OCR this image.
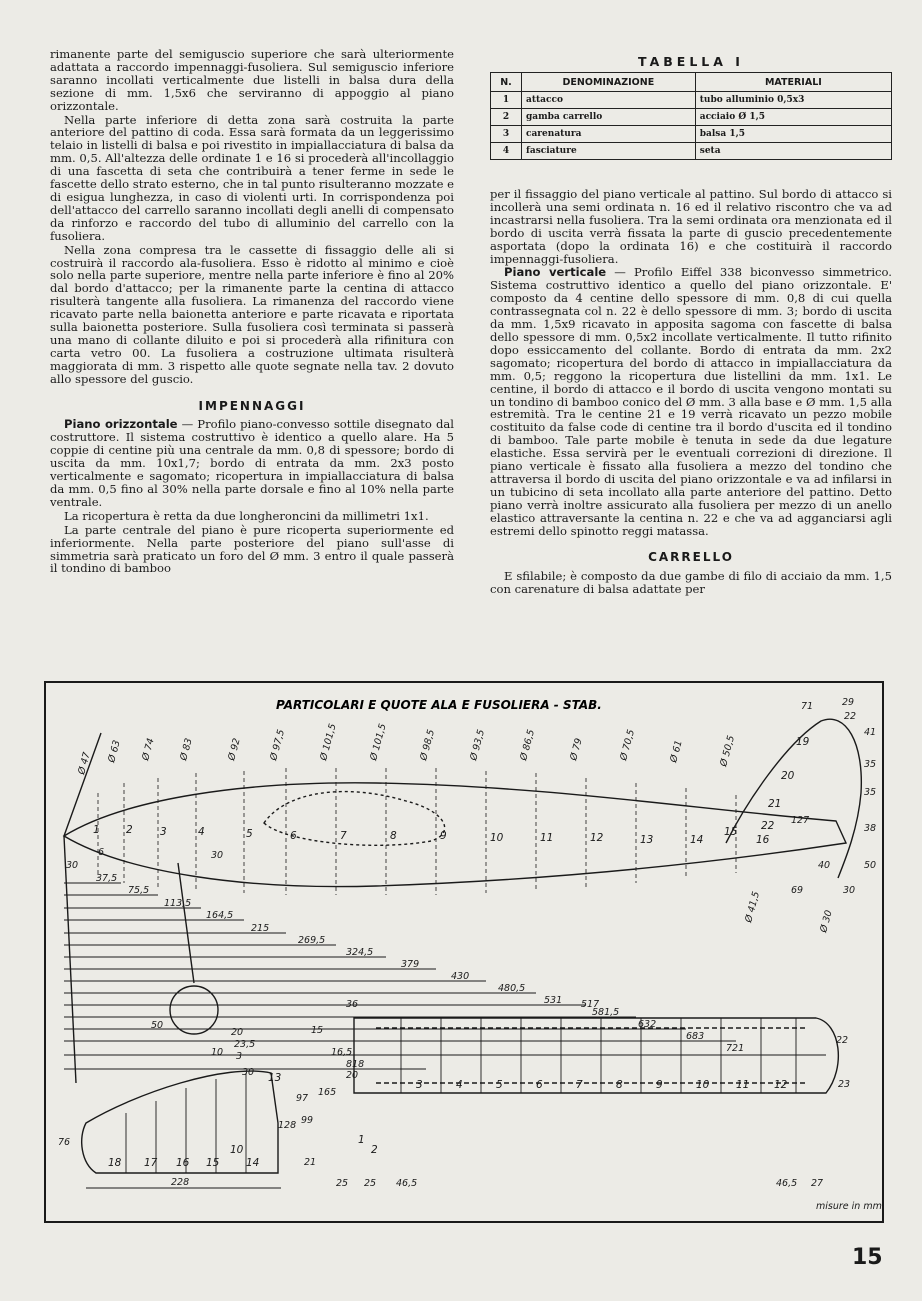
rimanente parte del semiguscio superiore che sarà ulteriormente adattata a raccordo impennaggi-fusoliera. Sul semiguscio inferiore saranno incollati verticalmente due listelli in balsa dura della sezione di mm. 1,5x6 che serviranno di appoggio al piano orizzontale.

Nella parte inferiore di detta zona sarà costruita la parte anteriore del pattino di coda. Essa sarà formata da un leggerissimo telaio in listelli di balsa e poi rivestito in impiallacciatura di balsa da mm. 0,5. All'altezza delle ordinate 1 e 16 si procederà all'incollaggio di una fascetta di seta che contribuirà a tener ferme in sede le fascette dello strato esterno, che in tal punto risulteranno mozzate e di esigua lunghezza, in caso di violenti urti. In corrispondenza poi dell'attacco del carrello saranno incollati degli anelli di compensato da rinforzo e raccordo del tubo di alluminio del carrello con la fusoliera.

Nella zona compresa tra le cassette di fissaggio delle ali si costruirà il raccordo ala-fusoliera. Esso è ridotto al minimo e cioè solo nella parte superiore, mentre nella parte inferiore è fino al 20% dal bordo d'attacco; per la rimanente parte la centina di attacco risulterà tangente alla fusoliera. La rimanenza del raccordo viene ricavato parte nella baionetta anteriore e parte ricavata e riportata sulla baionetta posteriore. Sulla fusoliera così terminata si passerà una mano di collante diluito e poi si procederà alla rifinitura con carta vetro 00. La fusoliera a costruzione ultimata risulterà maggiorata di mm. 3 rispetto alle quote segnate nella tav. 2 dovuto allo spessore del guscio.

IMPENNAGGI

Piano orizzontale — Profilo piano-convesso sottile disegnato dal costruttore. Il sistema costruttivo è identico a quello alare. Ha 5 coppie di centine più una centrale da mm. 0,8 di spessore; bordo di uscita da mm. 10x1,7; bordo di entrata da mm. 2x3 posto verticalmente e sagomato; ricopertura in impiallacciatura di balsa da mm. 0,5 fino al 30% nella parte dorsale e fino al 10% nella parte ventrale.

La ricopertura è retta da due longheroncini da millimetri 1x1.

La parte centrale del piano è pure ricoperta superiormente ed inferiormente. Nella parte posteriore del piano sull'asse di simmetria sarà praticato un foro del Ø mm. 3 entro il quale passerà il tondino di bamboo

TABELLA I
N.	DENOMINAZIONE	MATERIALI
1	attacco	tubo alluminio 0,5x3
2	gamba carrello	acciaio Ø 1,5
3	carenatura	balsa 1,5
4	fasciature	seta

per il fissaggio del piano verticale al pattino. Sul bordo di attacco si incollerà una semi ordinata n. 16 ed il relativo riscontro che va ad incastrarsi nella fusoliera. Tra la semi ordinata ora menzionata ed il bordo di uscita verrà fissata la parte di guscio precedentemente asportata (dopo la ordinata 16) e che costituirà il raccordo impennaggi-fusoliera.

Piano verticale — Profilo Eiffel 338 biconvesso simmetrico. Sistema costruttivo identico a quello del piano orizzontale. E' composto da 4 centine dello spessore di mm. 0,8 di cui quella contrassegnata col n. 22 è dello spessore di mm. 3; bordo di uscita da mm. 1,5x9 ricavato in apposita sagoma con fascette di balsa dello spessore di mm. 0,5x2 incollate verticalmente. Il tutto rifinito dopo essiccamento del collante. Bordo di entrata da mm. 2x2 sagomato; ricopertura del bordo di attacco in impiallacciatura da mm. 0,5; reggono la ricopertura due listellini da mm. 1x1. Le centine, il bordo di attacco e il bordo di uscita vengono montati su un tondino di bamboo conico del Ø mm. 3 alla base e Ø mm. 1,5 alla estremità. Tra le centine 21 e 19 verrà ricavato un pezzo mobile costituito da false code di centine tra il bordo d'uscita ed il tondino di bamboo. Tale parte mobile è tenuta in sede da due legature elastiche. Essa servirà per le eventuali correzioni di direzione. Il piano verticale è fissato alla fusoliera a mezzo del tondino che attraversa il bordo di uscita del piano orizzontale e va ad infilarsi in un tubicino di seta incollato alla parte anteriore del pattino. Detto piano verrà inoltre assicurato alla fusoliera per mezzo di un anello elastico attraversante la centina n. 22 e che va ad agganciarsi agli estremi dello spinotto reggi matassa.

CARRELLO

E sfilabile; è composto da due gambe di filo di acciaio da mm. 1,5 con carenature di balsa adattate per

PARTICOLARI E QUOTE ALA E FUSOLIERA - STAB.
Ø 47 Ø 63 Ø 74 Ø 83	Ø 92	Ø 97,5	Ø 101,5	Ø 101,5	Ø 98,5	Ø 93,5	Ø 86,5	Ø 79	Ø 70,5	Ø 61	Ø 50,5
Ø 41,5	Ø 30
1	2	3	4	5	6	7	8	9	10	11	12	13	14
15
16
37,5
75,5
113,5
164,5
215
269,5
324,5
379
430
480,5
531
581,5
632
683
721
818
30
6	30
40	50
69	30
19
20
21
22
71	29
22
41
35
35
38
127
50
517
36
1
2
3	4	5	6	7	8	9	10	11 12
15
22
23
20
16,5
97
165
99
128
21
25 25 46,5	46,5 27
18 17 16 15	14
13
10
20
23,5
10 3
30
76
228
misure in mm
15
